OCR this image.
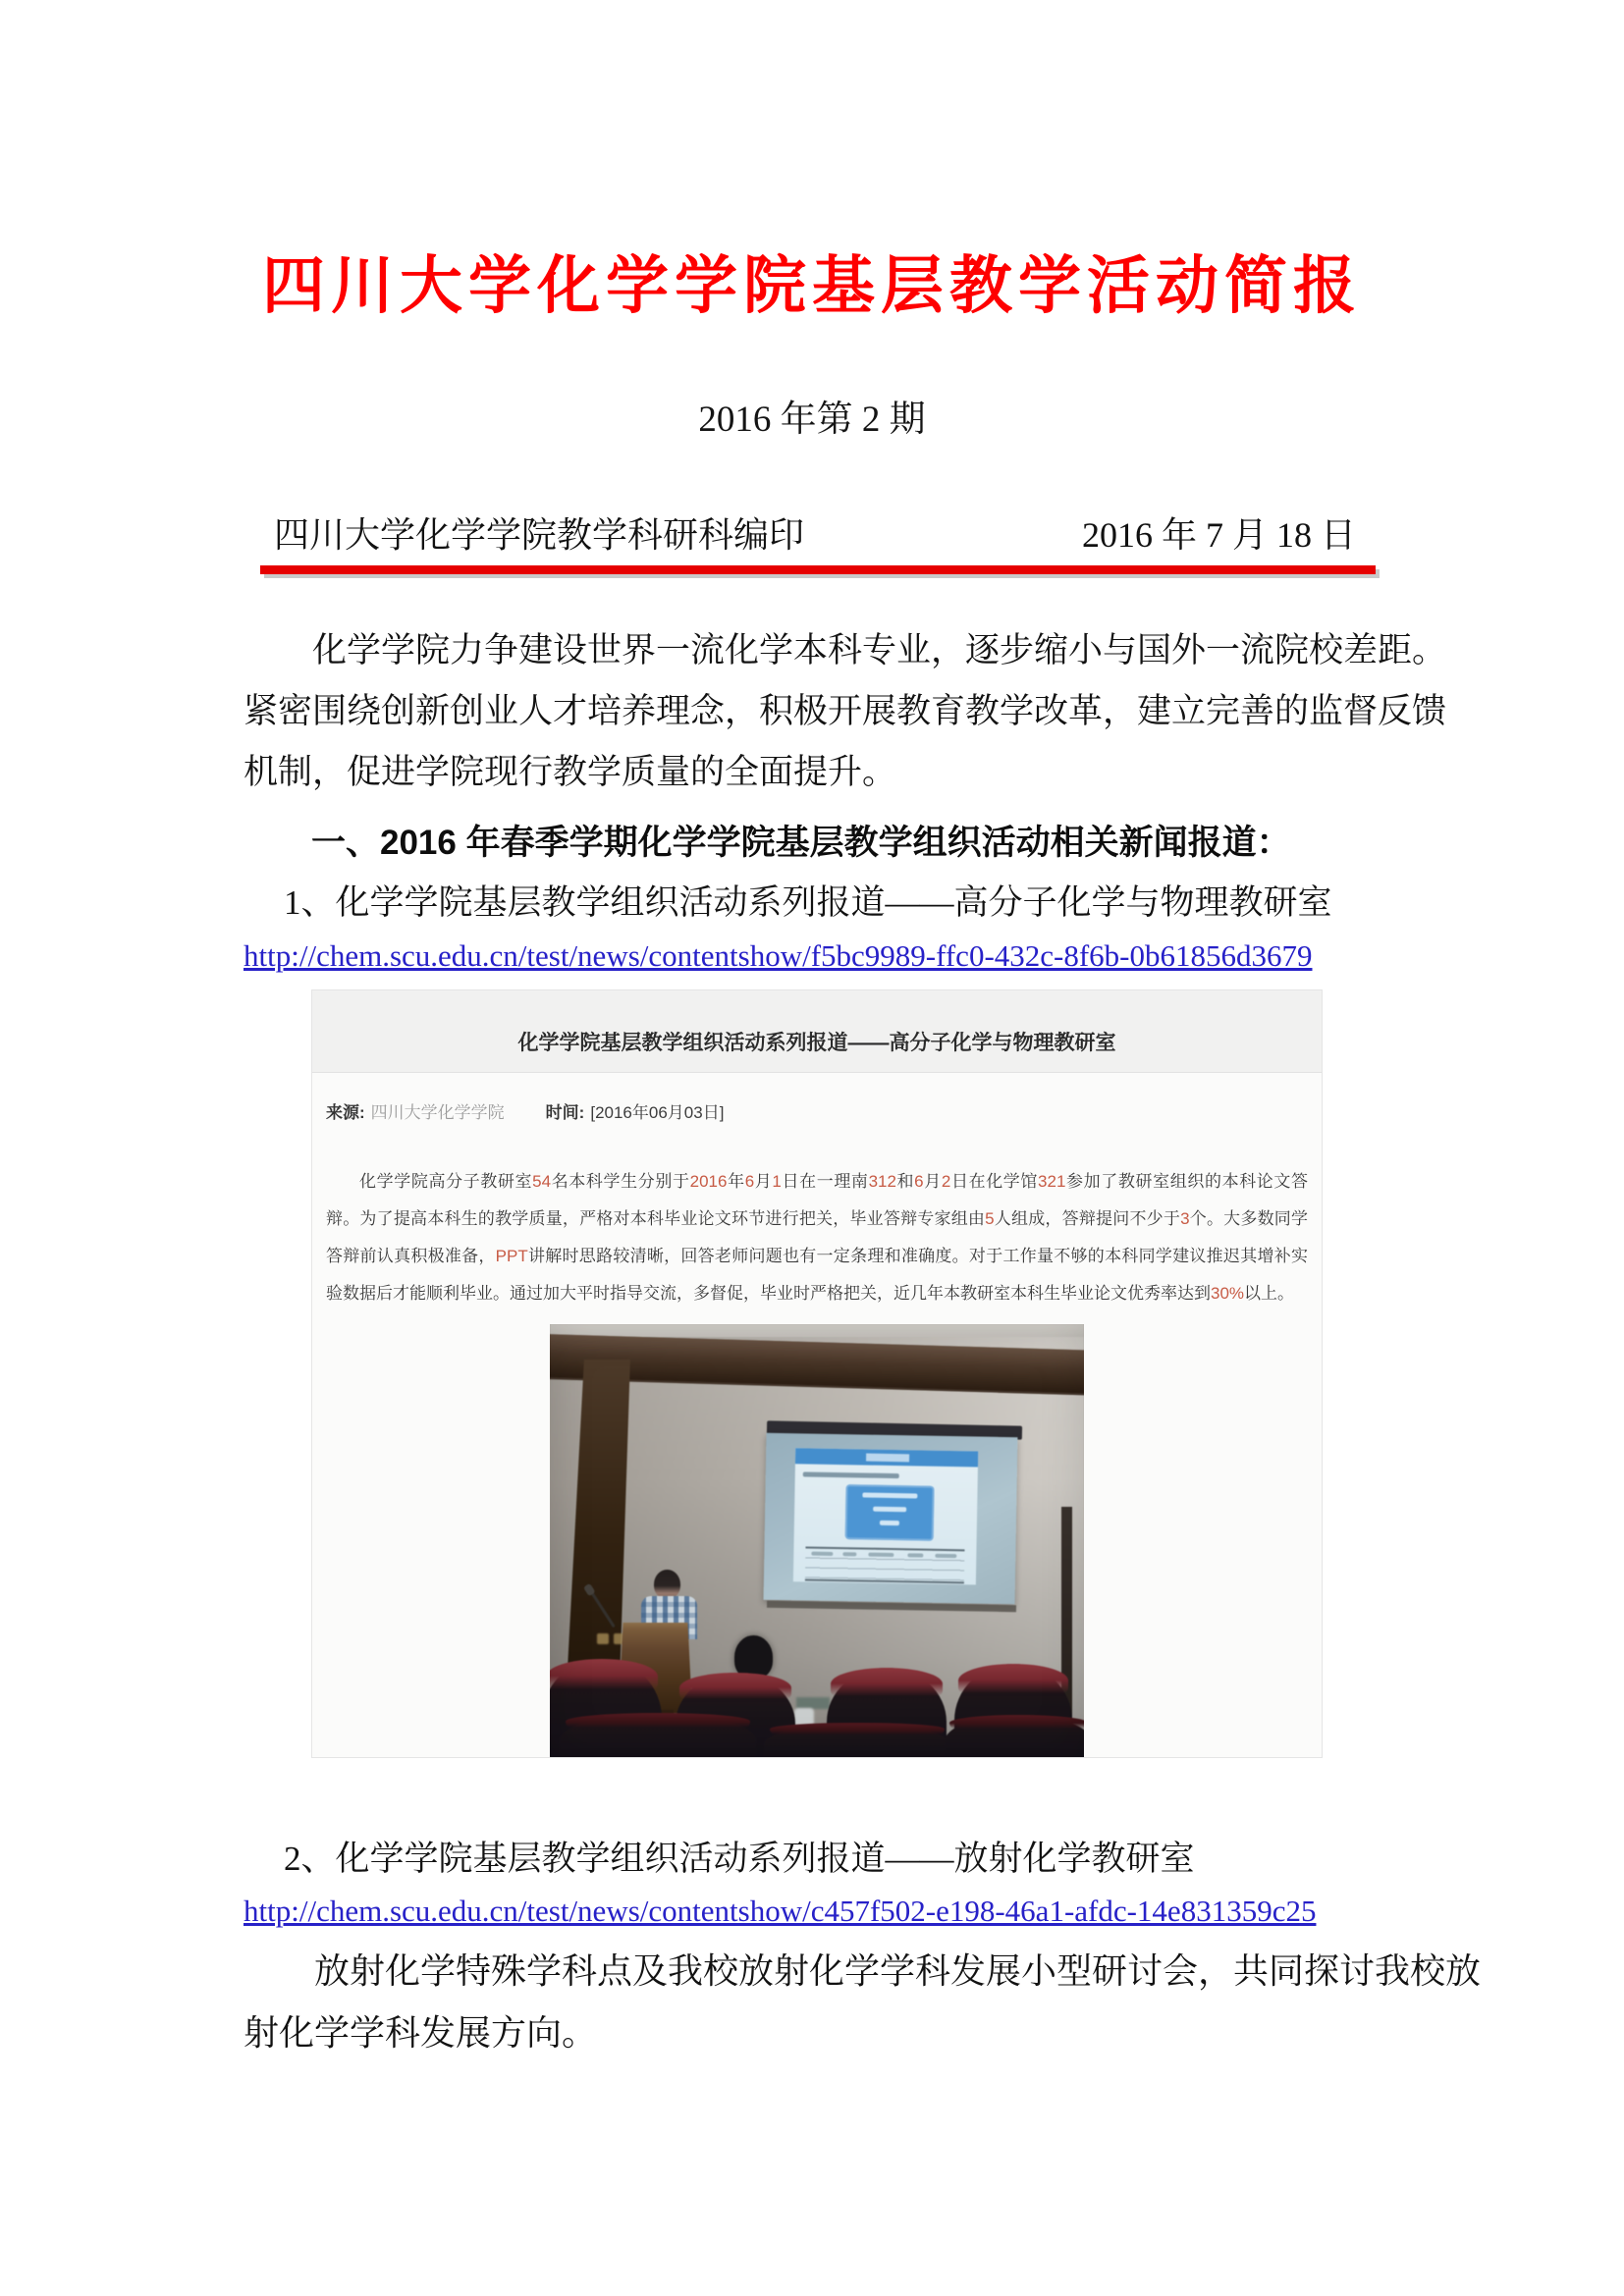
四川大学化学学院基层教学活动简报
2016 年第 2 期
四川大学化学学院教学科研科编印	2016 年 7 月 18 日
　　化学学院力争建设世界一流化学本科专业，逐步缩小与国外一流院校差距。
紧密围绕创新创业人才培养理念，积极开展教育教学改革，建立完善的监督反馈
机制，促进学院现行教学质量的全面提升。
一、2016 年春季学期化学学院基层教学组织活动相关新闻报道：
1、化学学院基层教学组织活动系列报道——高分子化学与物理教研室
http://chem.scu.edu.cn/test/news/contentshow/f5bc9989-ffc0-432c-8f6b-0b61856d3679
化学学院基层教学组织活动系列报道——高分子化学与物理教研室
来源: 四川大学化学学院 时间: [2016年06月03日]

化学学院高分子教研室54名本科学生分别于2016年6月1日在一理南312和6月2日在化学馆321参加了教研室组织的本科论文答辩。为了提高本科生的教学质量，严格对本科毕业论文环节进行把关，毕业答辩专家组由5人组成，答辩提问不少于3个。大多数同学答辩前认真积极准备，PPT讲解时思路较清晰，回答老师问题也有一定条理和准确度。对于工作量不够的本科同学建议推迟其增补实验数据后才能顺利毕业。通过加大平时指导交流，多督促，毕业时严格把关，近几年本教研室本科生毕业论文优秀率达到30%以上。

2、化学学院基层教学组织活动系列报道——放射化学教研室
http://chem.scu.edu.cn/test/news/contentshow/c457f502-e198-46a1-afdc-14e831359c25
　　放射化学特殊学科点及我校放射化学学科发展小型研讨会，共同探讨我校放
射化学学科发展方向。
